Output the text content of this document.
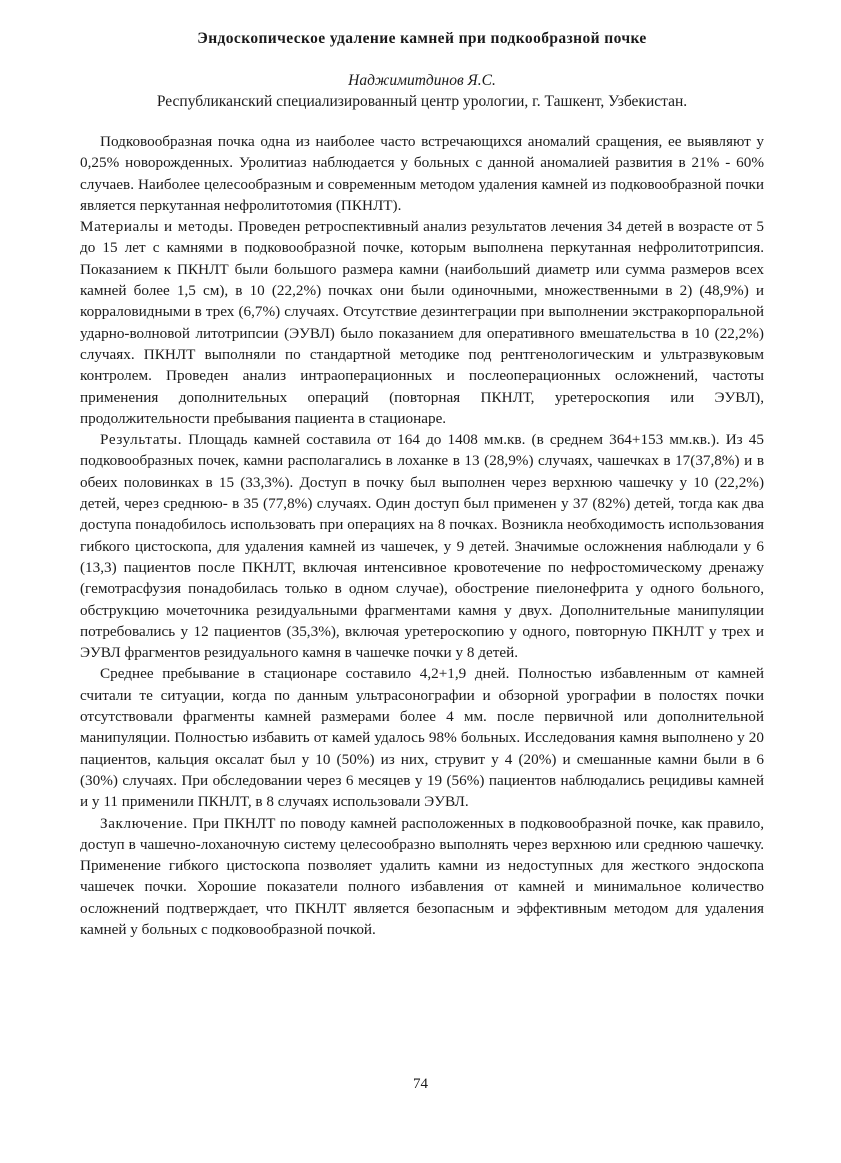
Эндоскопическое удаление камней при подкообразной почке

Наджимитдинов Я.С.

Республиканский специализированный центр урологии, г. Ташкент, Узбекистан.

Подковообразная почка одна из наиболее часто встречающихся аномалий сращения, ее выявляют у 0,25% новорожденных. Уролитиаз наблюдается у больных с данной аномалией развития в 21% - 60% случаев. Наиболее целесообразным и современным методом удаления камней из подковообразной почки является перкутанная нефролитотомия (ПКНЛТ).

Материалы и методы. Проведен ретроспективный анализ результатов лечения 34 детей в возрасте от 5 до 15 лет с камнями в подковообразной почке, которым выполнена перкутанная нефролитотрипсия. Показанием к ПКНЛТ были большого размера камни (наибольший диаметр или сумма размеров всех камней более 1,5 см), в 10 (22,2%) почках они были одиночными, множественными в 2) (48,9%) и корраловидными в трех (6,7%) случаях. Отсутствие дезинтеграции при выполнении экстракорпоральной ударно-волновой литотрипсии (ЭУВЛ) было показанием для оперативного вмешательства в 10 (22,2%) случаях. ПКНЛТ выполняли по стандартной методике под рентгенологическим и ультразвуковым контролем. Проведен анализ интраоперационных и послеоперационных осложнений, частоты применения дополнительных операций (повторная ПКНЛТ, уретероскопия или ЭУВЛ), продолжительности пребывания пациента в стационаре.

Результаты. Площадь камней составила от 164 до 1408 мм.кв. (в среднем 364+153 мм.кв.). Из 45 подковообразных почек, камни располагались в лоханке в 13 (28,9%) случаях, чашечках в 17(37,8%) и в обеих половинках в 15 (33,3%). Доступ в почку был выполнен через верхнюю чашечку у 10 (22,2%) детей, через среднюю- в 35 (77,8%) случаях. Один доступ был применен у 37 (82%) детей, тогда как два доступа понадобилось использовать при операциях на 8 почках. Возникла необходимость использования гибкого цистоскопа, для удаления камней из чашечек, у 9 детей. Значимые осложнения наблюдали у 6 (13,3) пациентов после ПКНЛТ, включая интенсивное кровотечение по нефростомическому дренажу (гемотрасфузия понадобилась только в одном случае), обострение пиелонефрита у одного больного, обструкцию мочеточника резидуальными фрагментами камня у двух. Дополнительные манипуляции потребовались у 12 пациентов (35,3%), включая уретероскопию у одного, повторную ПКНЛТ у трех и ЭУВЛ фрагментов резидуального камня в чашечке почки у 8 детей.

Среднее пребывание в стационаре составило 4,2+1,9 дней. Полностью избавленным от камней считали те ситуации, когда по данным ультрасонографии и обзорной урографии в полостях почки отсутствовали фрагменты камней размерами более 4 мм. после первичной или дополнительной манипуляции. Полностью избавить от камей удалось 98% больных. Исследования камня выполнено у 20 пациентов, кальция оксалат был у 10 (50%) из них, струвит у 4 (20%) и смешанные камни были в 6 (30%) случаях. При обследовании через 6 месяцев у 19 (56%) пациентов наблюдались рецидивы камней и у 11 применили ПКНЛТ, в 8 случаях использовали ЭУВЛ.

Заключение. При ПКНЛТ по поводу камней расположенных в подковообразной почке, как правило, доступ в чашечно-лоханочную систему целесообразно выполнять через верхнюю или среднюю чашечку. Применение гибкого цистоскопа позволяет удалить камни из недоступных для жесткого эндоскопа чашечек почки. Хорошие показатели полного избавления от камней и минимальное количество осложнений подтверждает, что ПКНЛТ является безопасным и эффективным методом для удаления камней у больных с подковообразной почкой.

74
